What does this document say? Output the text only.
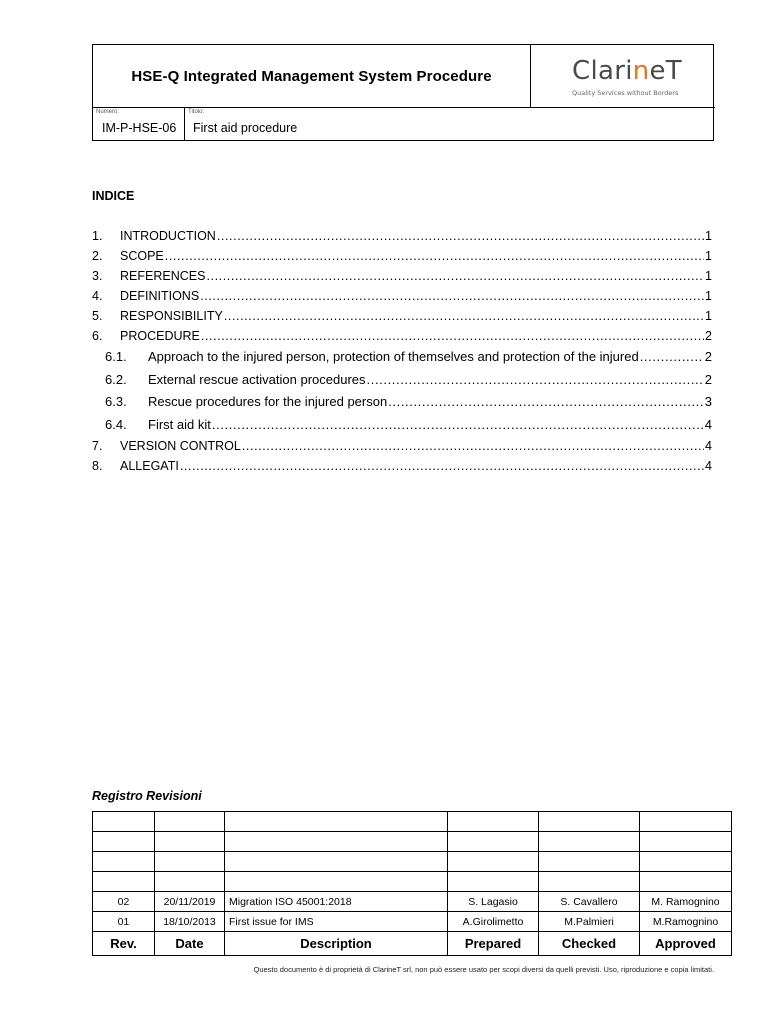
HSE-Q Integrated Management System Procedure	ClarineT
Quality Services without Borders
Numero:
IM-P-HSE-06
Titolo:
First aid procedure
INDICE
1.	INTRODUCTION .....	1
2.	SCOPE .....	1
3.	REFERENCES .....	1
4.	DEFINITIONS .....	1
5.	RESPONSIBILITY .....	1
6.	PROCEDURE .....	2
6.1.	Approach to the injured person, protection of themselves and protection of the injured .....	2
6.2.	External rescue activation procedures .....	2
6.3.	Rescue procedures for the injured person .....	3
6.4.	First aid kit .....	4
7.	VERSION CONTROL .....	4
8.	ALLEGATI .....	4
Registro Revisioni

02	20/11/2019	Migration ISO 45001:2018	S. Lagasio	S. Cavallero	M. Ramognino
01	18/10/2013	First issue for IMS	A.Girolimetto	M.Palmieri	M.Ramognino
Rev.	Date	Description	Prepared	Checked	Approved
Questo documento è di proprietà di ClarineT srl, non può essere usato per scopi diversi da quelli previsti. Uso, riproduzione e copia limitati.
